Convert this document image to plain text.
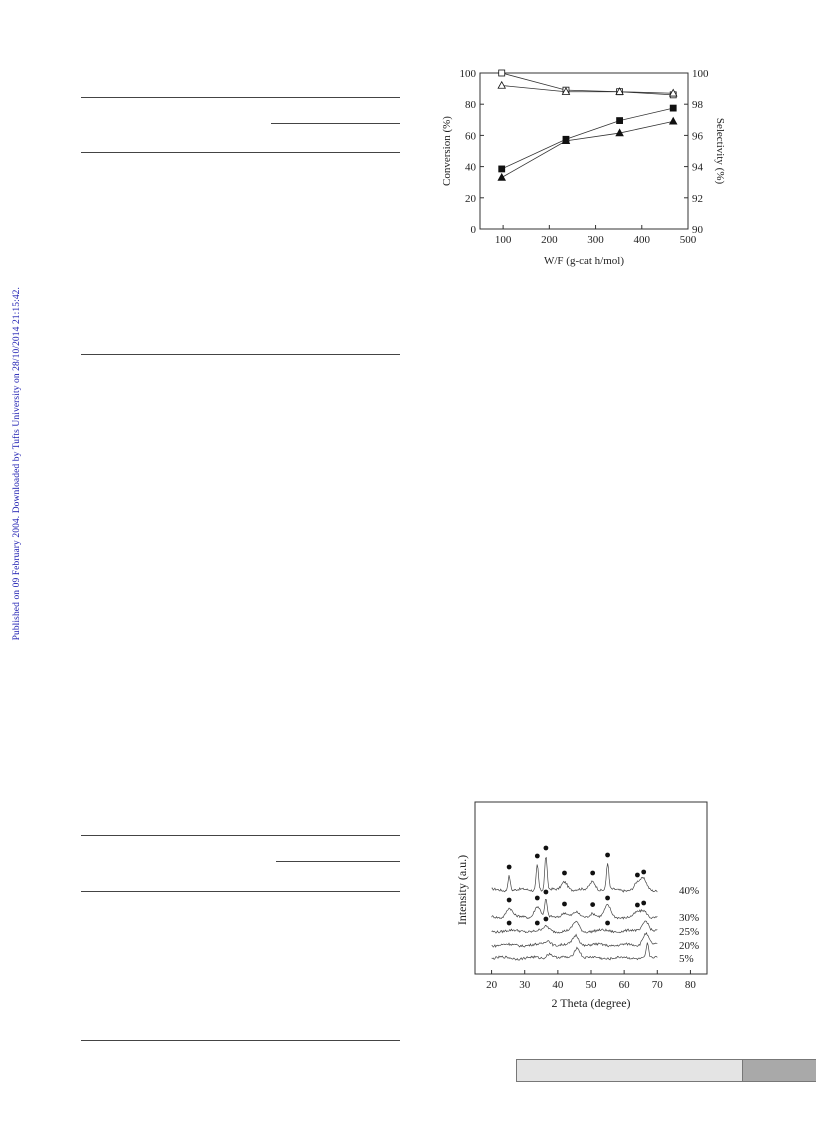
Published on 09 February 2004. Downloaded by Tufts University on 28/10/2014 21:15:42.
100	200	300	400	500
0
20
40
60
80
100
90
92
94
96
98
100
W/F (g-cat h/mol)
Conversion (%)	Selectivity (%)
40%
30%
25%
20%
5%
20 30 40 50 60 70 80
2 Theta (degree)
Intensity (a.u.)
